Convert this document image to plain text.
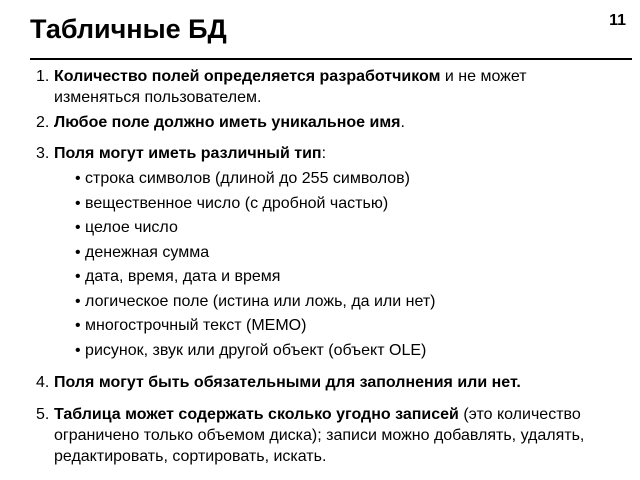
Табличные БД	11
1. Количество полей определяется разработчиком и не может изменяться пользователем.
2. Любое поле должно иметь уникальное имя.
3. Поля могут иметь различный тип:
• строка символов (длиной до 255 символов)
• вещественное число (с дробной частью)
• целое число
• денежная сумма
• дата, время, дата и время
• логическое поле (истина или ложь, да или нет)
• многострочный текст (MEMO)
• рисунок, звук или другой объект (объект OLE)
4. Поля могут быть обязательными для заполнения или нет.
5. Таблица может содержать сколько угодно записей (это количество ограничено только объемом диска); записи можно добавлять, удалять, редактировать, сортировать, искать.
